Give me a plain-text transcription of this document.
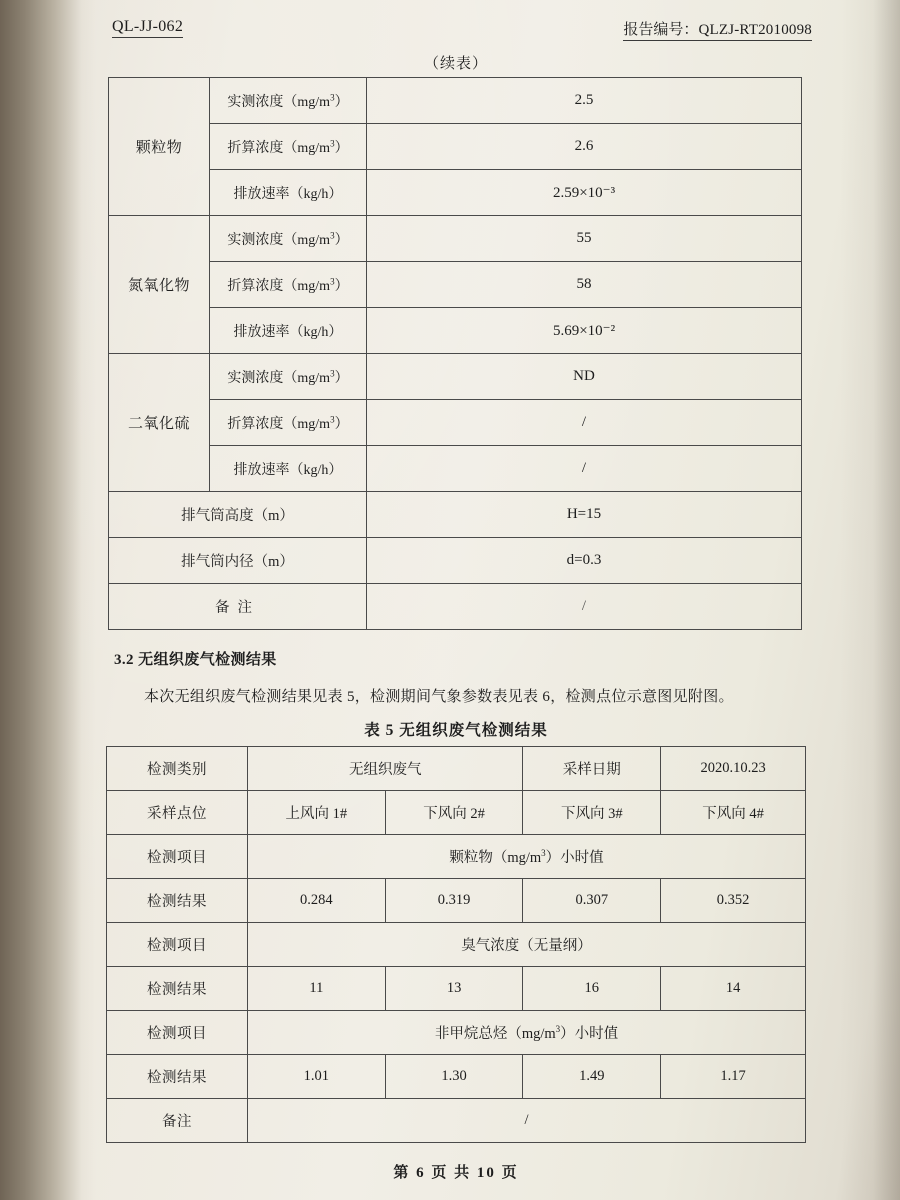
QL-JJ-062	报告编号：QLZJ-RT2010098
（续表）
颗粒物	实测浓度$(mg/m^3)$	2.5
	折算浓度$(mg/m^3)$	2.6
	排放速率（kg/h）	2.59×10⁻³
氮氧化物	实测浓度$(mg/m^3)$	55
	折算浓度$(mg/m^3)$	58
	排放速率（kg/h）	5.69×10⁻²
二氧化硫	实测浓度$(mg/m^3)$	ND
	折算浓度$(mg/m^3)$	/
	排放速率（kg/h）	/
排气筒高度（m）		H=15
排气筒内径（m）		d=0.3
备注		/
3.2 无组织废气检测结果
本次无组织废气检测结果见表 5，检测期间气象参数表见表 6，检测点位示意图见附图。
表 5 无组织废气检测结果
检测类别	无组织废气		采样日期	2020.10.23
采样点位	上风向 1#	下风向 2#	下风向 3#	下风向 4#
检测项目	颗粒物$(mg/m^3)$小时值			
检测结果	0.284	0.319	0.307	0.352
检测项目	臭气浓度（无量纲）			
检测结果	11	13	16	14
检测项目	非甲烷总烃$(mg/m^3)$小时值			
检测结果	1.01	1.30	1.49	1.17
备注	/			
第 6 页 共 10 页
